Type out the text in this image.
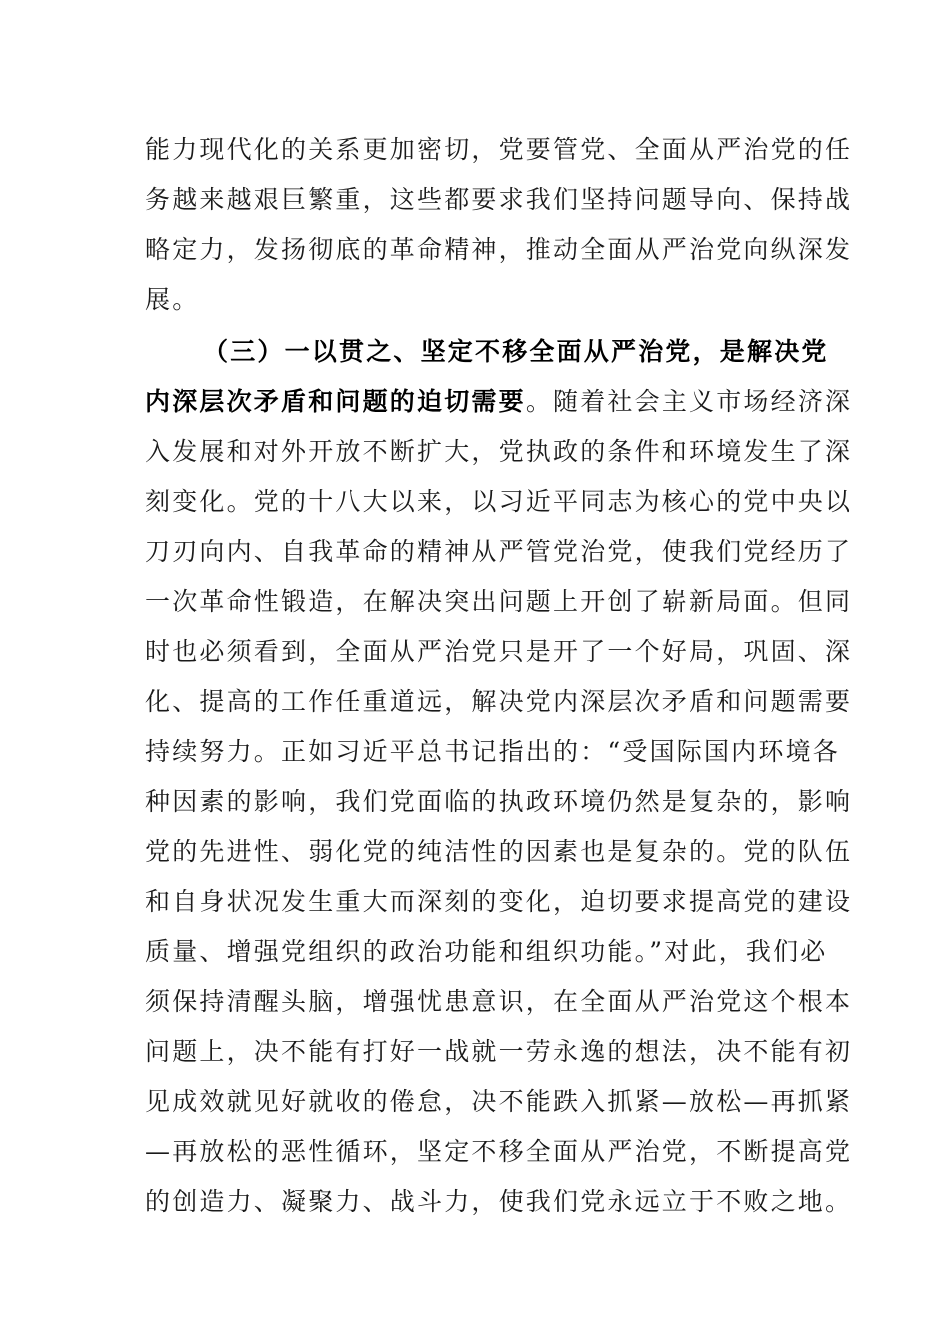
能力现代化的关系更加密切，党要管党、全面从严治党的任
务越来越艰巨繁重，这些都要求我们坚持问题导向、保持战
略定力，发扬彻底的革命精神，推动全面从严治党向纵深发
展。
（三）一以贯之、坚定不移全面从严治党，是解决党
内深层次矛盾和问题的迫切需要。随着社会主义市场经济深
入发展和对外开放不断扩大，党执政的条件和环境发生了深
刻变化。党的十八大以来，以习近平同志为核心的党中央以
刀刃向内、自我革命的精神从严管党治党，使我们党经历了
一次革命性锻造，在解决突出问题上开创了崭新局面。但同
时也必须看到，全面从严治党只是开了一个好局，巩固、深
化、提高的工作任重道远，解决党内深层次矛盾和问题需要
持续努力。正如习近平总书记指出的：“受国际国内环境各
种因素的影响，我们党面临的执政环境仍然是复杂的，影响
党的先进性、弱化党的纯洁性的因素也是复杂的。党的队伍
和自身状况发生重大而深刻的变化，迫切要求提高党的建设
质量、增强党组织的政治功能和组织功能。”对此，我们必
须保持清醒头脑，增强忧患意识，在全面从严治党这个根本
问题上，决不能有打好一战就一劳永逸的想法，决不能有初
见成效就见好就收的倦怠，决不能跌入抓紧—放松—再抓紧
—再放松的恶性循环，坚定不移全面从严治党，不断提高党
的创造力、凝聚力、战斗力，使我们党永远立于不败之地。
